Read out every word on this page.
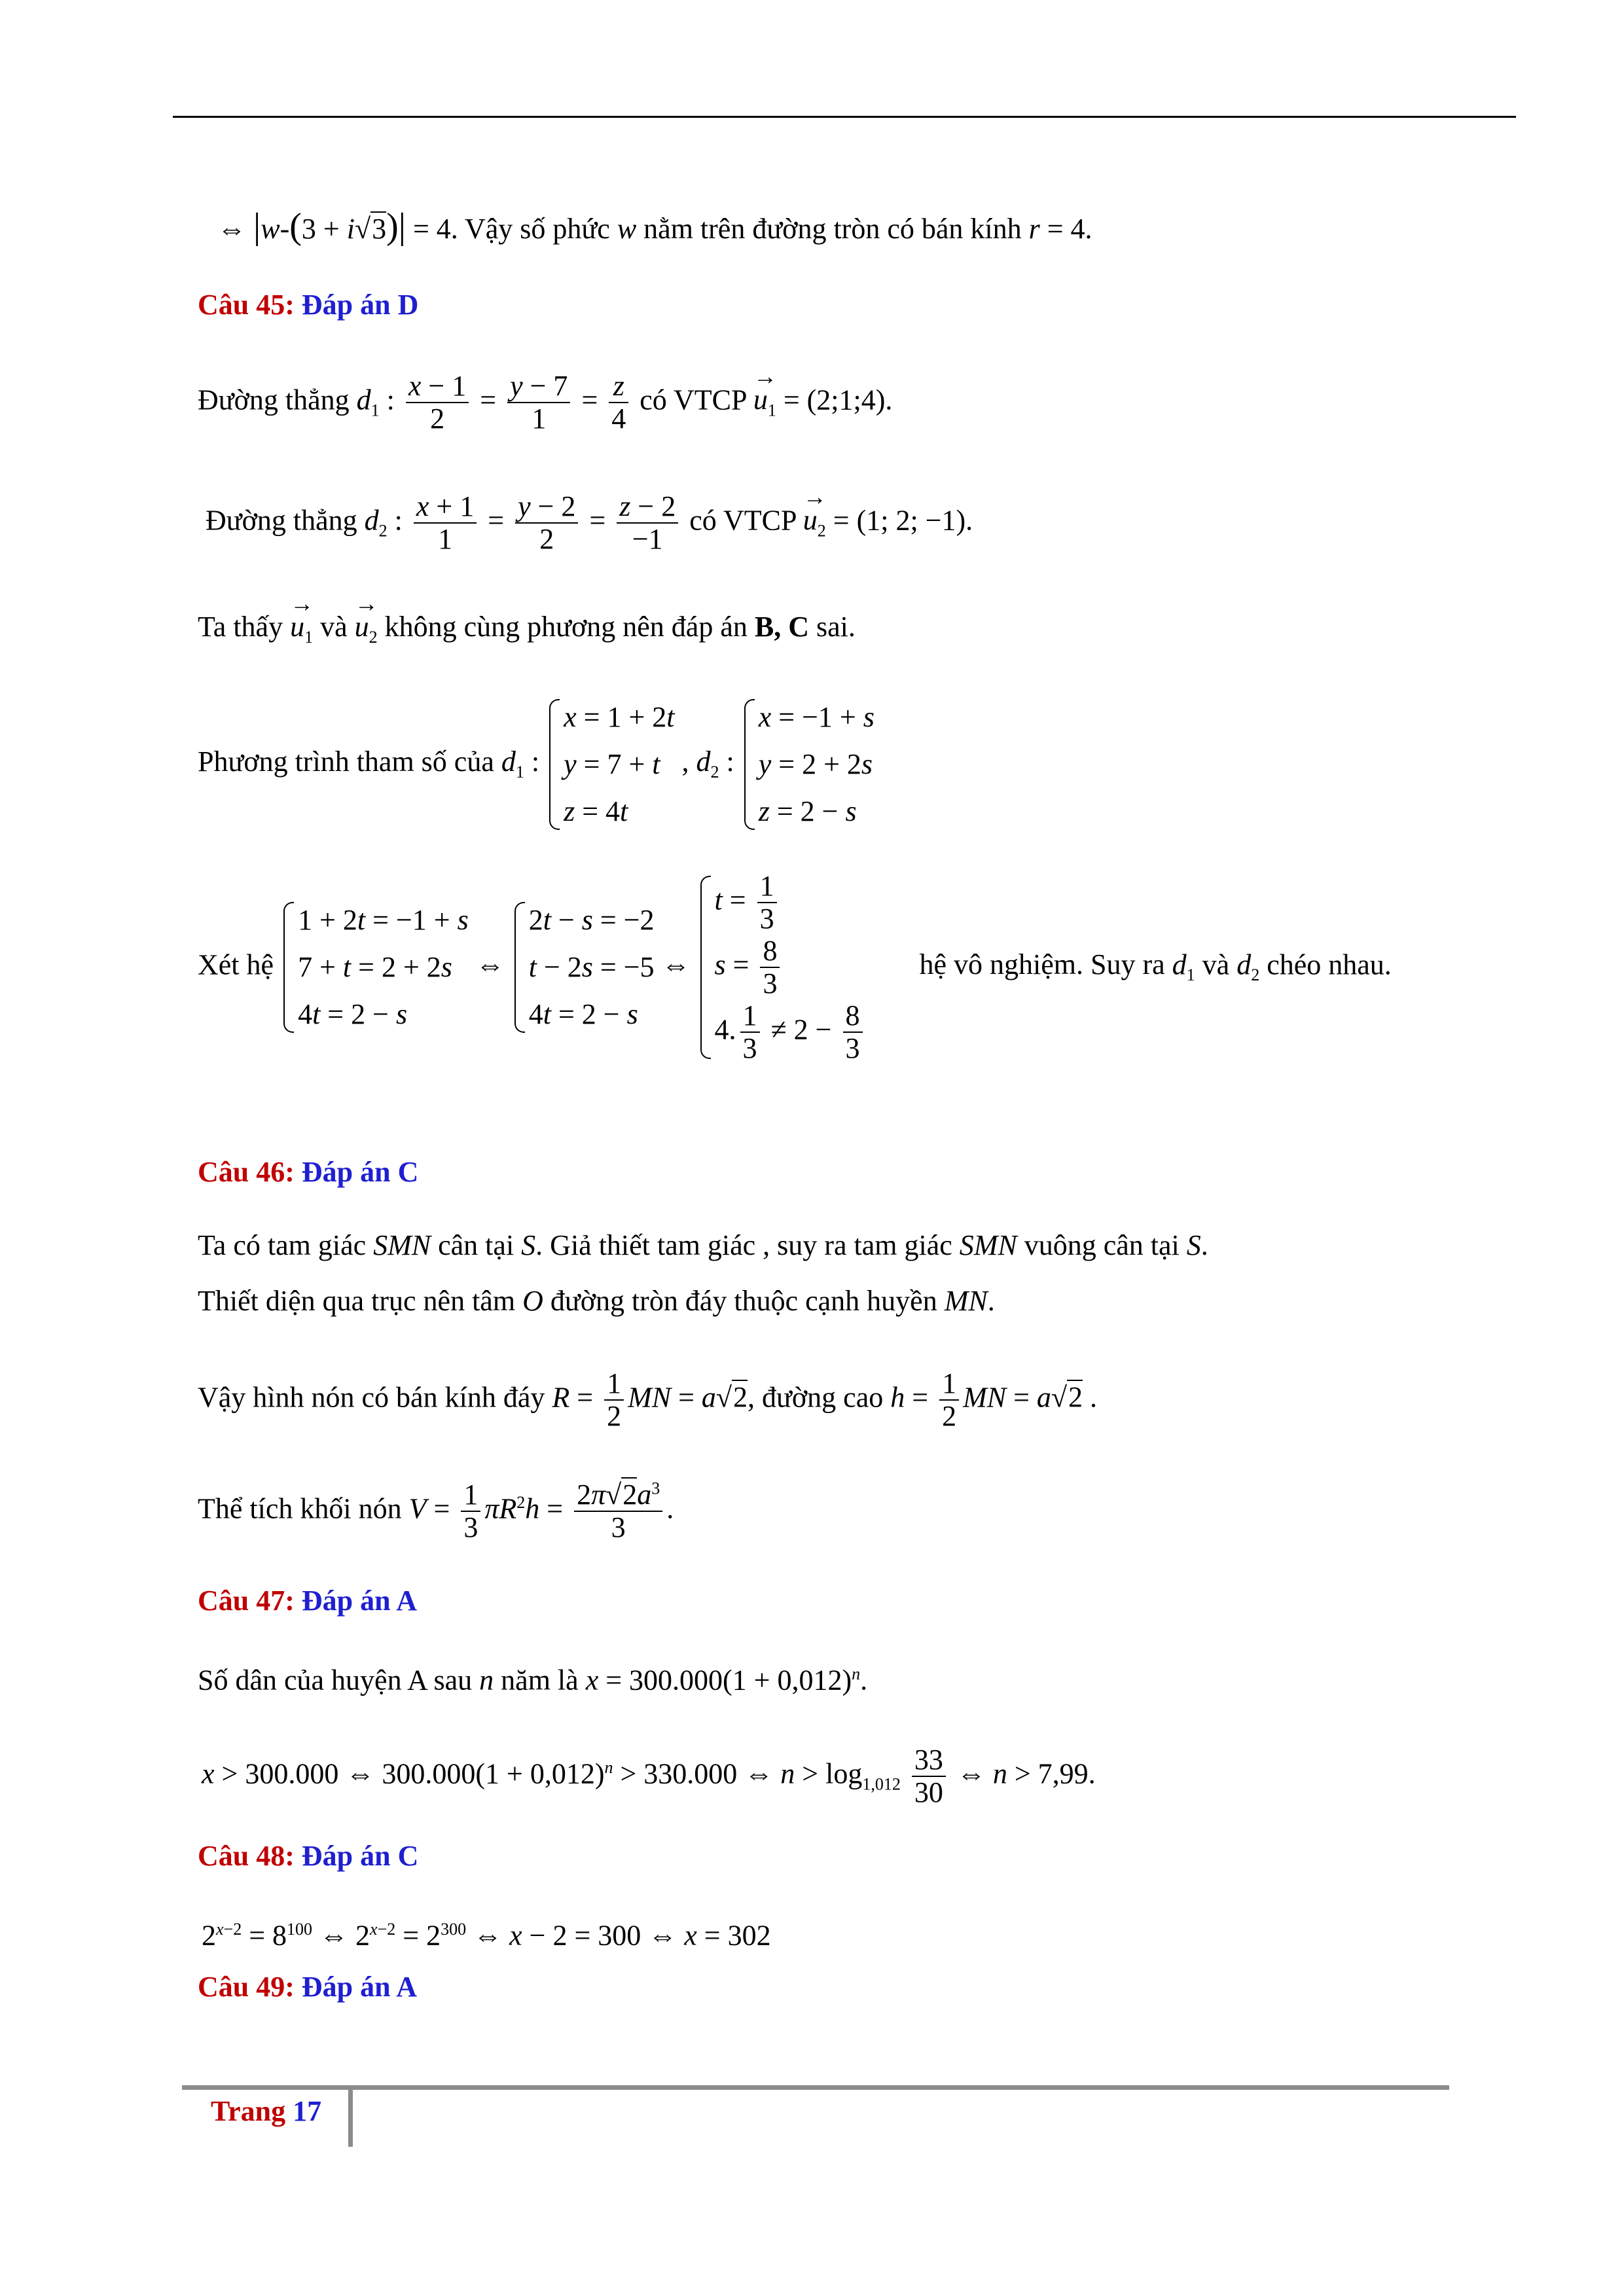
⇔ |w-(3 + i√3)| = 4. Vậy số phức w nằm trên đường tròn có bán kính r = 4.
Câu 45: Đáp án D
Đường thẳng $d_1$ : $\frac{x - 1}{2} = \frac{y - 7}{1} = \frac{z}{4}$ có VTCP → $u_1$ = (2;1;4).
Đường thẳng $d_2$ : $\frac{x + 1}{1} = \frac{y - 2}{2} = \frac{z - 2}{-1}$ có VTCP → $u_2 = (1$; 2; −1).
Ta thấy → $u_1$ và → $u_2$ không cùng phương nên đáp án B, C sai.
Phương trình tham số của $d_1$ :
x = 1 + 2t
y = 7 + t
z = 4t
, $d_2$ :
x = −1 + s
y = 2 + 2s
z = 2 − s
Xét hệ
1 + 2t = −1 + s
7 + t = 2 + 2s
4t = 2 − s
⇔
2t − s = −2
t − 2s = −5
4t = 2 − s
⇔
$t = \frac{1}{3}$
$s = \frac{8}{3}$
4. $\frac{1}{3} \ne 2 - \frac{8}{3}$
hệ vô nghiệm. Suy ra $d_1$ và $d_2$ chéo nhau.
Câu 46: Đáp án C
Ta có tam giác SMN cân tại S. Giả thiết tam giác , suy ra tam giác SMN vuông cân tại S.
Thiết diện qua trục nên tâm O đường tròn đáy thuộc cạnh huyền MN.
Vậy hình nón có bán kính đáy $R = \frac{1}{2}$ MN = a√2, đường cao $h = \frac{1}{2}$ MN = a√2 .
Thể tích khối nón $V = \frac{1}{3} \pi R^2h = \frac{2\pi√2a^3}{3}$ .
Câu 47: Đáp án A
Số dân của huyện A sau n năm là $x = 300.000(1 + 0,012)^n$.
x > 300.000 ⇔ $300.000(1 + 0,012)^n > 330.000$ ⇔ $n > \log_{1,012} \frac{33}{30}$ ⇔ n > 7,99.
Câu 48: Đáp án C
$2^{x-2} = 8^{100}$ ⇔ $2^{x-2} = 2^{300}$ ⇔ x − 2 = 300 ⇔ x = 302
Câu 49: Đáp án A
Trang 17
